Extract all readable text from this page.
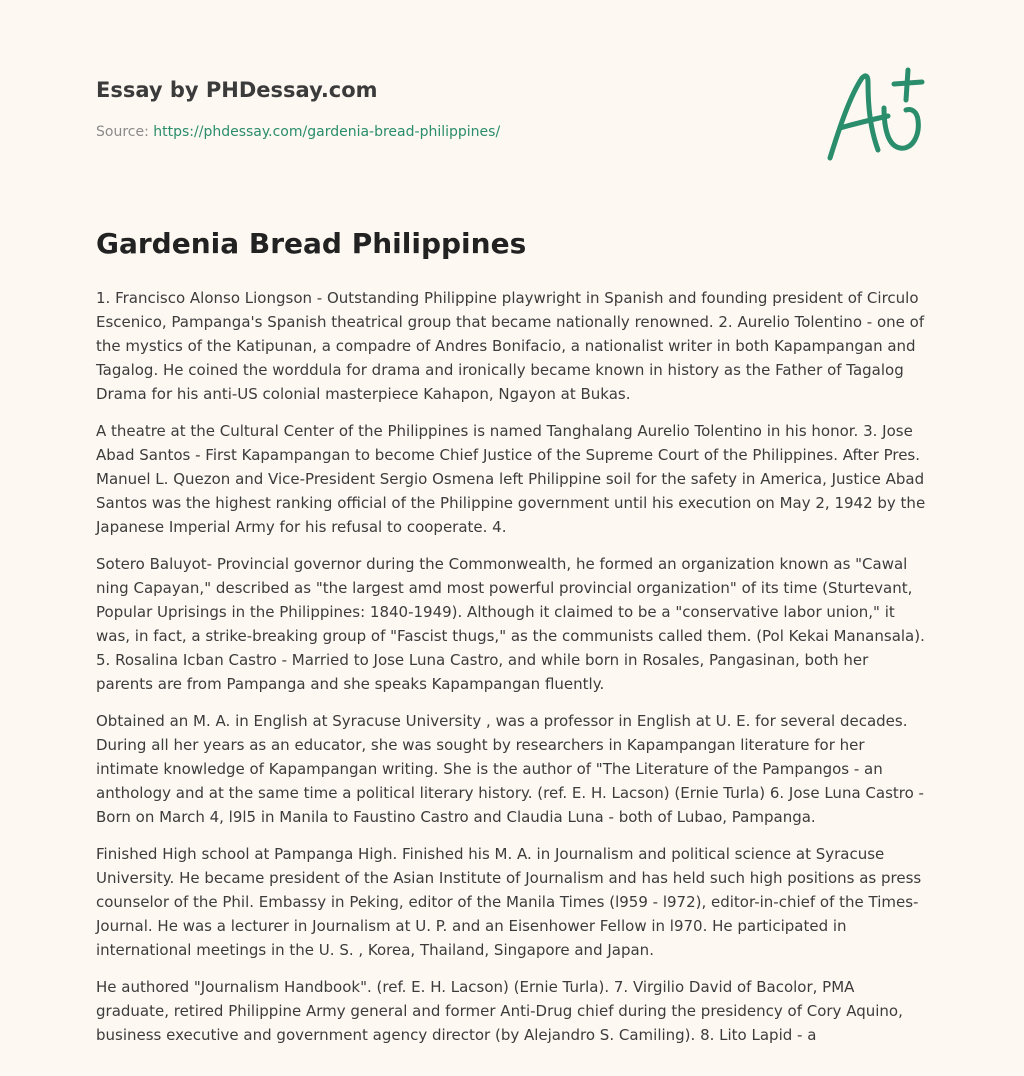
Essay by PHDessay.com
Source: https://phdessay.com/gardenia-bread-philippines/
Gardenia Bread Philippines

1. Francisco Alonso Liongson - Outstanding Philippine playwright in Spanish and founding president of Circulo Escenico, Pampanga's Spanish theatrical group that became nationally renowned. 2. Aurelio Tolentino - one of the mystics of the Katipunan, a compadre of Andres Bonifacio, a nationalist writer in both Kapampangan and Tagalog. He coined the worddula for drama and ironically became known in history as the Father of Tagalog Drama for his anti-US colonial masterpiece Kahapon, Ngayon at Bukas.

A theatre at the Cultural Center of the Philippines is named Tanghalang Aurelio Tolentino in his honor. 3. Jose Abad Santos - First Kapampangan to become Chief Justice of the Supreme Court of the Philippines. After Pres. Manuel L. Quezon and Vice-President Sergio Osmena left Philippine soil for the safety in America, Justice Abad Santos was the highest ranking official of the Philippine government until his execution on May 2, 1942 by the Japanese Imperial Army for his refusal to cooperate. 4.

Sotero Baluyot- Provincial governor during the Commonwealth, he formed an organization known as "Cawal ning Capayan," described as "the largest amd most powerful provincial organization" of its time (Sturtevant, Popular Uprisings in the Philippines: 1840-1949). Although it claimed to be a "conservative labor union," it was, in fact, a strike-breaking group of "Fascist thugs," as the communists called them. (Pol Kekai Manansala). 5. Rosalina Icban Castro - Married to Jose Luna Castro, and while born in Rosales, Pangasinan, both her parents are from Pampanga and she speaks Kapampangan fluently.

Obtained an M. A. in English at Syracuse University , was a professor in English at U. E. for several decades. During all her years as an educator, she was sought by researchers in Kapampangan literature for her intimate knowledge of Kapampangan writing. She is the author of "The Literature of the Pampangos - an anthology and at the same time a political literary history. (ref. E. H. Lacson) (Ernie Turla) 6. Jose Luna Castro - Born on March 4, l9l5 in Manila to Faustino Castro and Claudia Luna - both of Lubao, Pampanga.

Finished High school at Pampanga High. Finished his M. A. in Journalism and political science at Syracuse University. He became president of the Asian Institute of Journalism and has held such high positions as press counselor of the Phil. Embassy in Peking, editor of the Manila Times (l959 - l972), editor-in-chief of the Times-Journal. He was a lecturer in Journalism at U. P. and an Eisenhower Fellow in l970. He participated in international meetings in the U. S. , Korea, Thailand, Singapore and Japan.

He authored "Journalism Handbook". (ref. E. H. Lacson) (Ernie Turla). 7. Virgilio David of Bacolor, PMA graduate, retired Philippine Army general and former Anti-Drug chief during the presidency of Cory Aquino, business executive and government agency director (by Alejandro S. Camiling). 8. Lito Lapid - a
